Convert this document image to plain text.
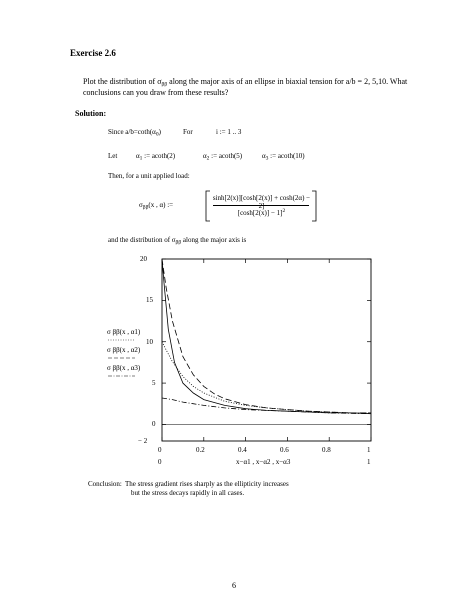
Exercise 2.6
Plot the distribution of $\sigma_{\beta\beta}$ along the major axis of an ellipse in biaxial tension for a/b = 2, 5,10. What
conclusions can you draw from these results?
Solution:
Since $a/b=\cot h(\alpha_0)$	For	i := 1 .. 3
Let	$\alpha_1$ := acoth(2)	$\alpha_2$ := acoth(5)	$\alpha_3$ := acoth(10)
Then, for a unit applied load:
$\sigma_{\beta\beta}(x$ , α) :=
sinh[2(x)][cosh[2(x)] + cosh(2α) − 2]
$[\cosh[2(x)] - 1]^2$
and the distribution of $\sigma_{\beta\beta}$ along the major axis is
20
15
10
5
0
− 2
0	0.2	0.4	0.6	0.8	1
0	x−α1 , x−α2 , x−α3	1
σ ββ(x , α1)
σ ββ(x , α2)
σ ββ(x , α3)
Conclusion: The stress gradient rises sharply as the ellipticity increases
but the stress decays rapidly in all cases.
6
